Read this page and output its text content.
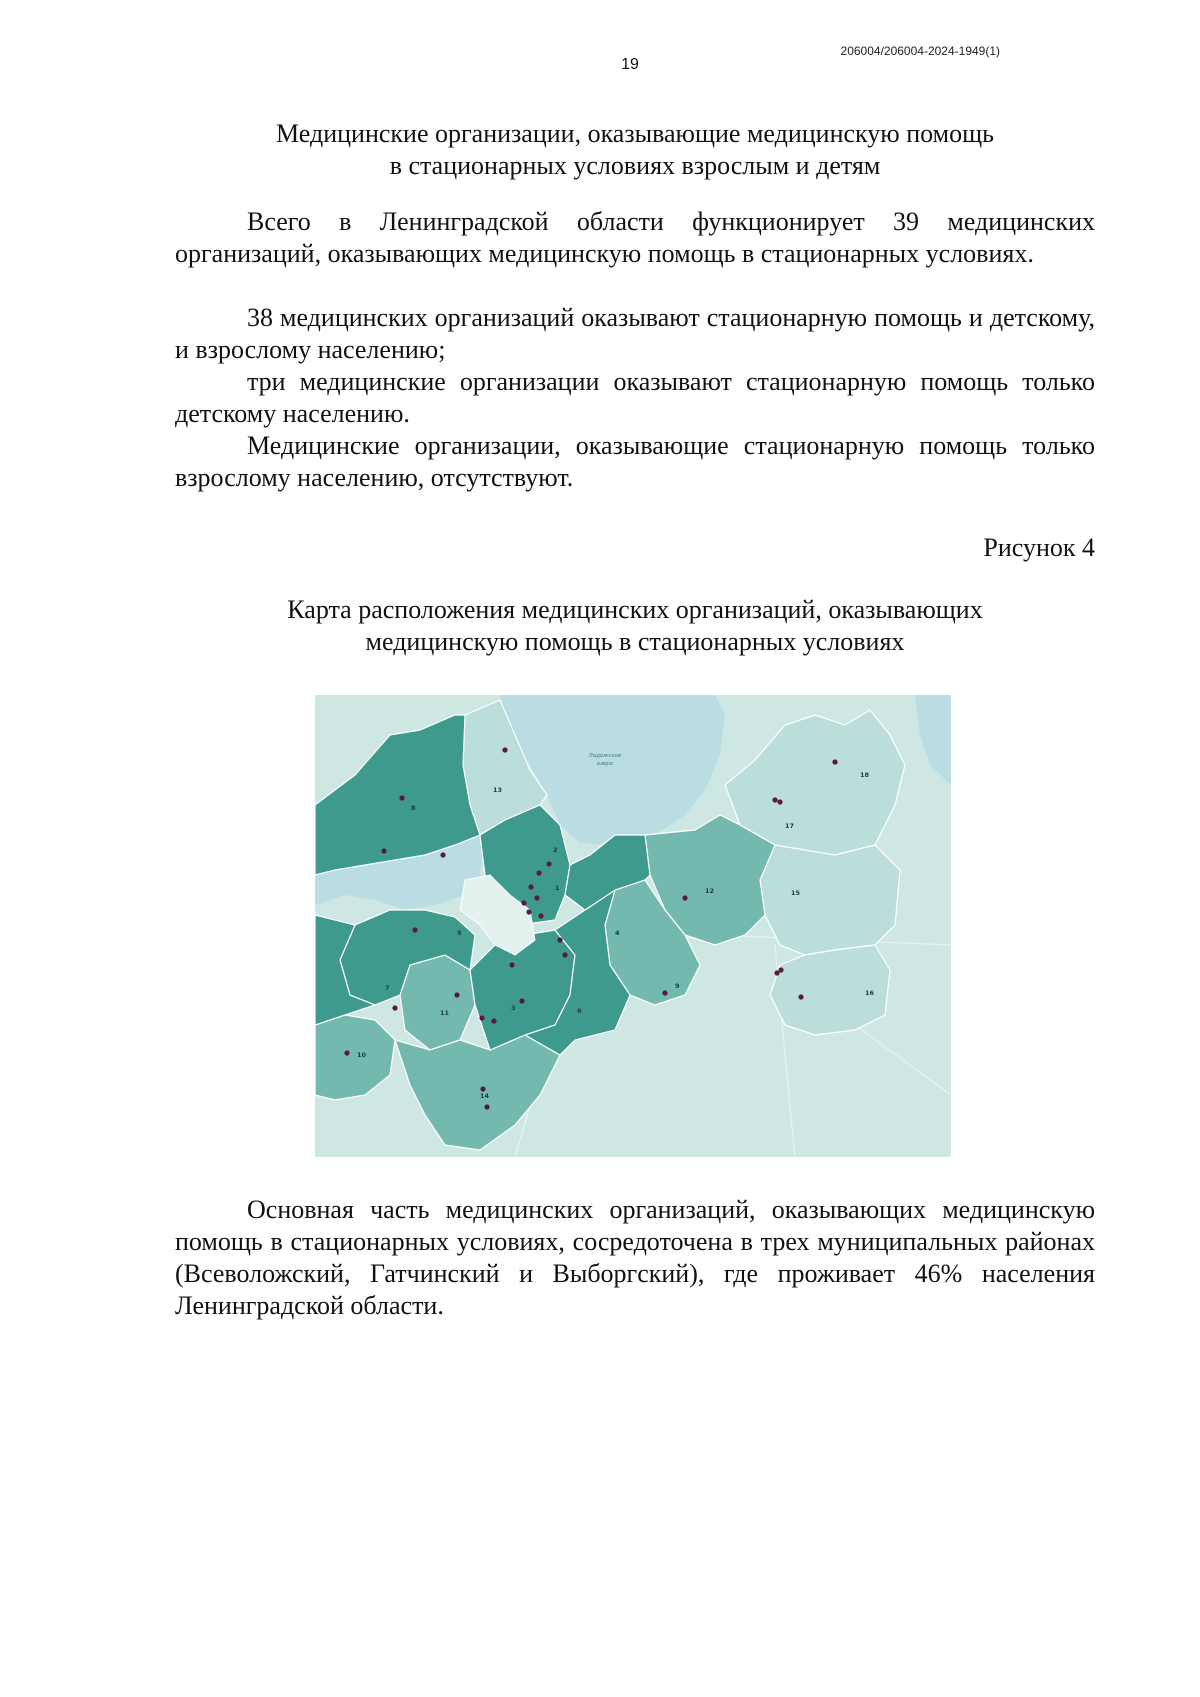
206004/206004-2024-1949(1)
19
Медицинские организации, оказывающие медицинскую помощь
в стационарных условиях взрослым и детям

Всего в Ленинградской области функционирует 39 медицинских организаций, оказывающих медицинскую помощь в стационарных условиях.

38 медицинских организаций оказывают стационарную помощь и детскому, и взрослому населению;

три медицинские организации оказывают стационарную помощь только детскому населению.

Медицинские организации, оказывающие стационарную помощь только взрослому населению, отсутствуют.

Рисунок 4
Карта расположения медицинских организаций, оказывающих
медицинскую помощь в стационарных условиях
Ладожское
озеро
1
2
3
4
5
6
7
8
9
10
11
12
13
14
15
16
17
18

Основная часть медицинских организаций, оказывающих медицинскую помощь в стационарных условиях, сосредоточена в трех муниципальных районах (Всеволожский, Гатчинский и Выборгский), где проживает 46% населения Ленинградской области.
